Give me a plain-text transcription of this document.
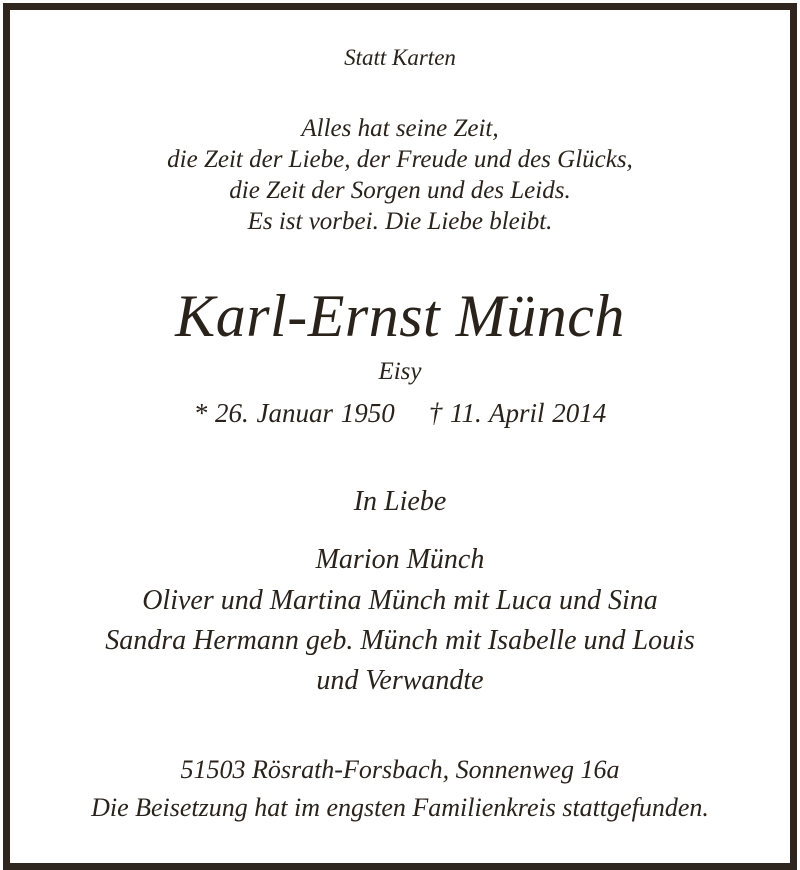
Statt Karten
Alles hat seine Zeit,
die Zeit der Liebe, der Freude und des Glücks,
die Zeit der Sorgen und des Leids.
Es ist vorbei. Die Liebe bleibt.
Karl-Ernst Münch
Eisy
* 26. Januar 1950 † 11. April 2014
In Liebe
Marion Münch
Oliver und Martina Münch mit Luca und Sina
Sandra Hermann geb. Münch mit Isabelle und Louis
und Verwandte
51503 Rösrath-Forsbach, Sonnenweg 16a
Die Beisetzung hat im engsten Familienkreis stattgefunden.
